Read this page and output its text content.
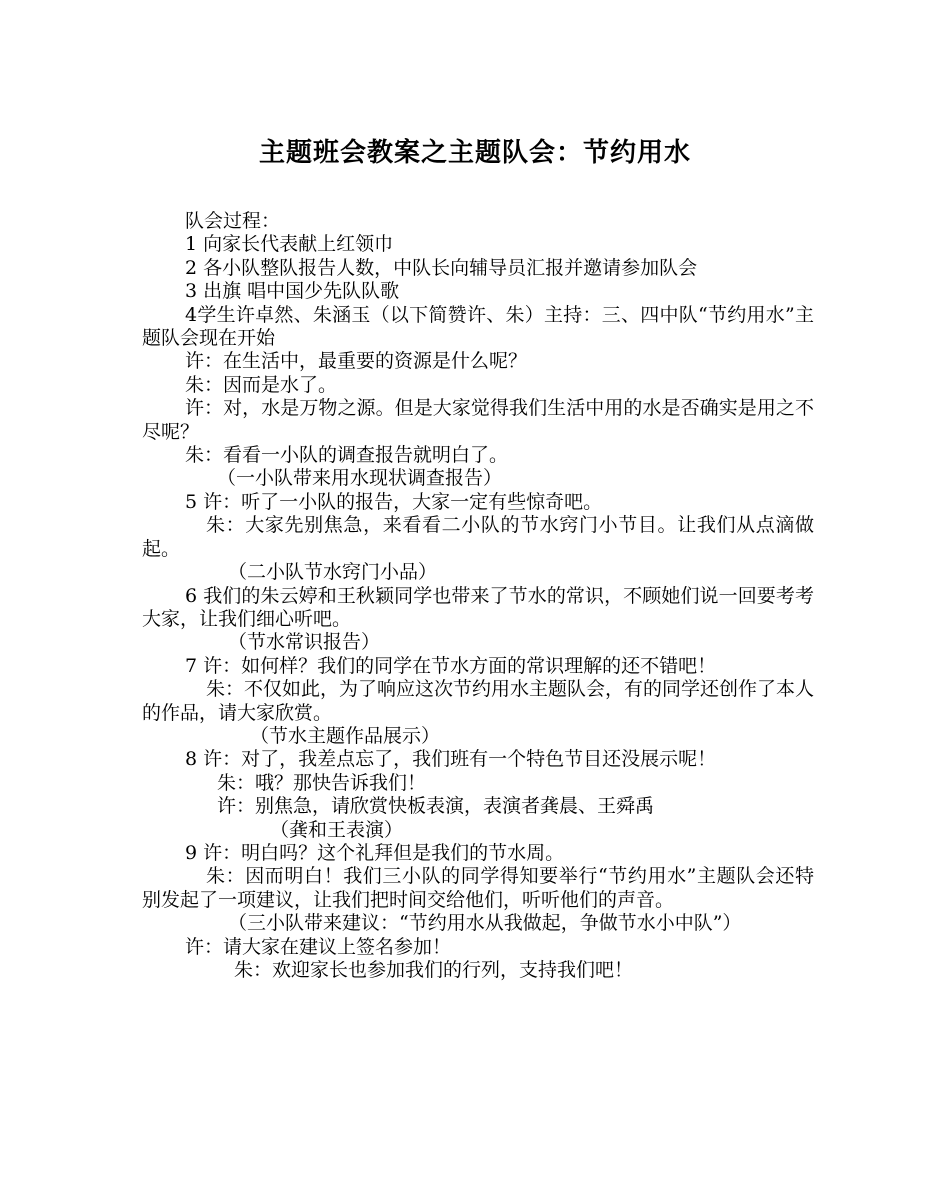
主题班会教案之主题队会：节约用水

队会过程：

1 向家长代表献上红领巾

2 各小队整队报告人数，中队长向辅导员汇报并邀请参加队会

3 出旗 唱中国少先队队歌

4学生许卓然、朱涵玉（以下简赞许、朱）主持：三、四中队“节约用水”主题队会现在开始

许：在生活中，最重要的资源是什么呢？

朱：因而是水了。

许：对，水是万物之源。但是大家觉得我们生活中用的水是否确实是用之不尽呢？

朱：看看一小队的调查报告就明白了。

（一小队带来用水现状调查报告）

5 许：听了一小队的报告，大家一定有些惊奇吧。

朱：大家先别焦急，来看看二小队的节水窍门小节目。让我们从点滴做起。

（二小队节水窍门小品）

6 我们的朱云婷和王秋颖同学也带来了节水的常识，不顾她们说一回要考考大家，让我们细心听吧。

（节水常识报告）

7 许：如何样？我们的同学在节水方面的常识理解的还不错吧！

朱：不仅如此，为了响应这次节约用水主题队会，有的同学还创作了本人的作品，请大家欣赏。

（节水主题作品展示）

8 许：对了，我差点忘了，我们班有一个特色节目还没展示呢！

朱：哦？那快告诉我们！

许：别焦急，请欣赏快板表演，表演者龚晨、王舜禹

（龚和王表演）

9 许：明白吗？这个礼拜但是我们的节水周。

朱：因而明白！我们三小队的同学得知要举行“节约用水”主题队会还特别发起了一项建议，让我们把时间交给他们，听听他们的声音。

（三小队带来建议：“节约用水从我做起，争做节水小中队”）

许：请大家在建议上签名参加！

朱：欢迎家长也参加我们的行列，支持我们吧！
